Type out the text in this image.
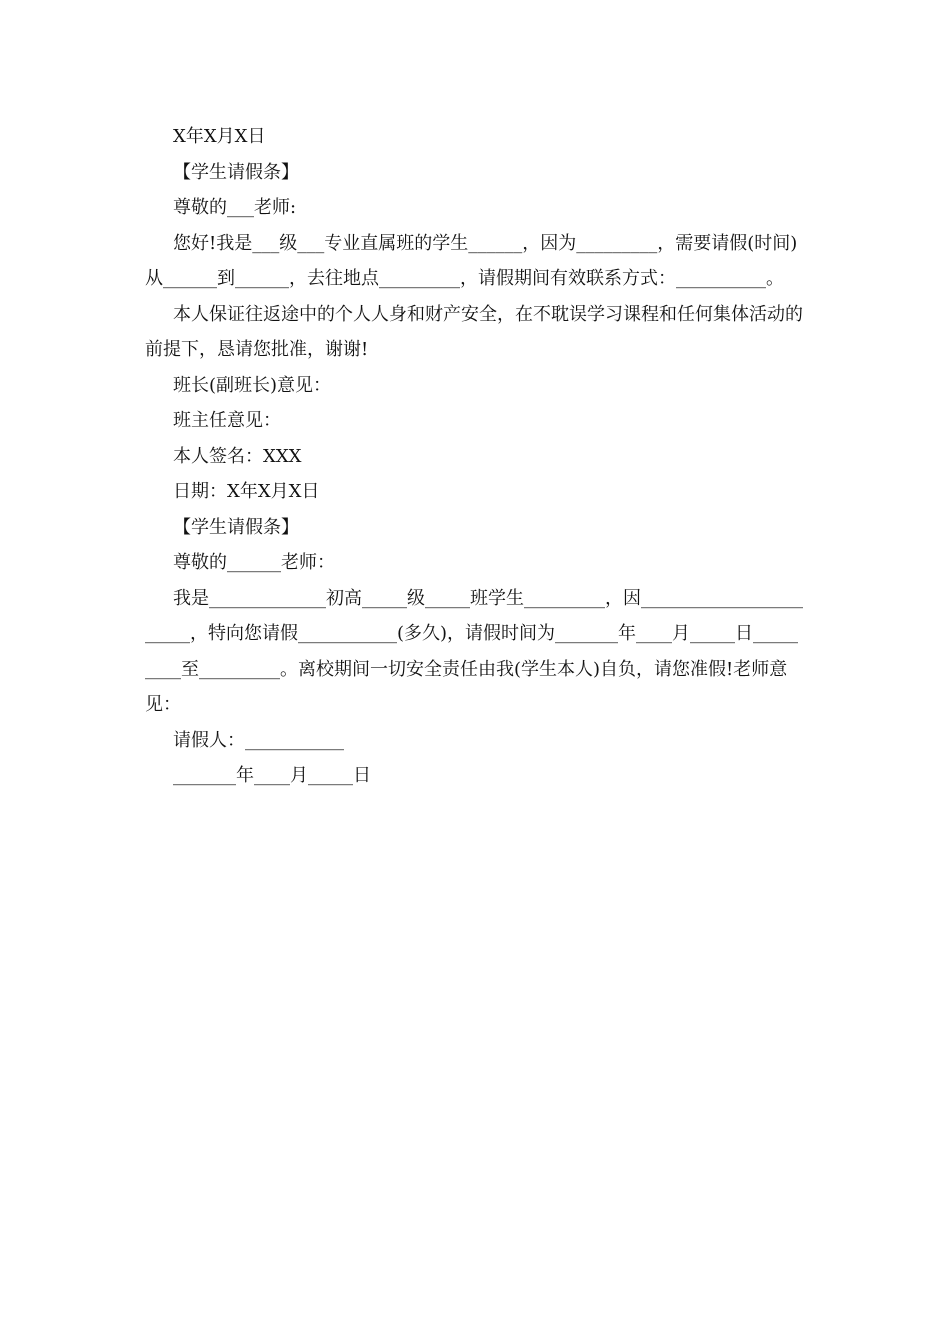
X年X月X日

【学生请假条】

尊敬的___老师:

您好!我是___级___专业直属班的学生______，因为_________，需要请假(时间)从______到______，去往地点_________，请假期间有效联系方式：__________。

本人保证往返途中的个人人身和财产安全，在不耽误学习课程和任何集体活动的前提下，恳请您批准，谢谢!

班长(副班长)意见：

班主任意见：

本人签名：XXX

日期：X年X月X日

【学生请假条】

尊敬的______老师：

我是_____________初高_____级_____班学生_________，因_______________________，特向您请假___________(多久)，请假时间为_______年____月_____日_________至_________。离校期间一切安全责任由我(学生本人)自负，请您准假!老师意见：

请假人：___________

_______年____月_____日
